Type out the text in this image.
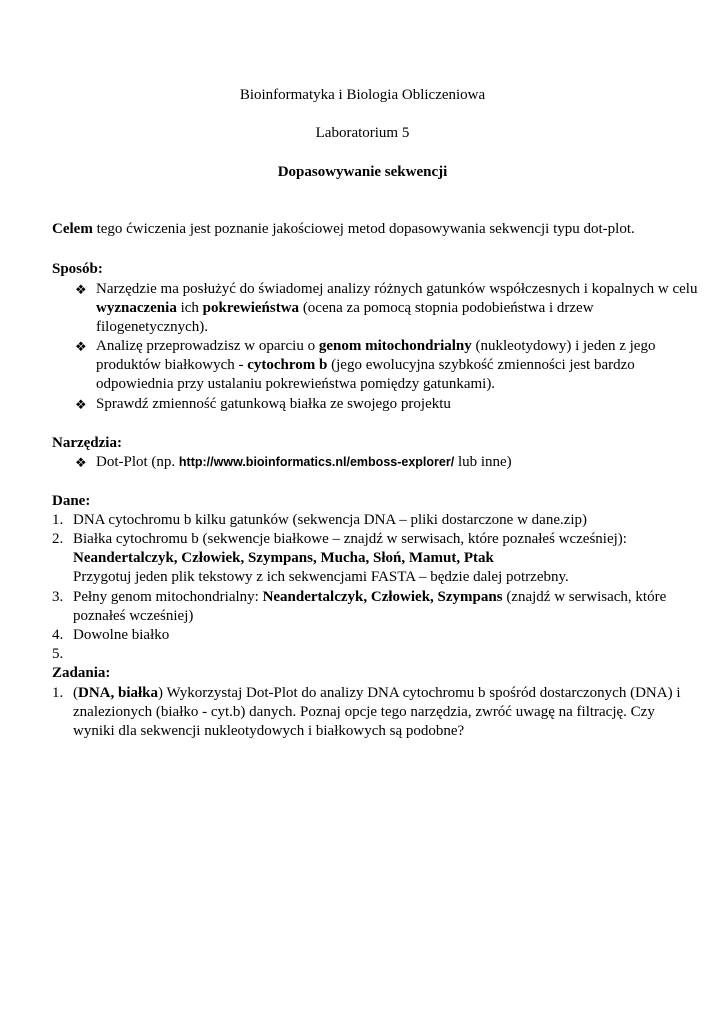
Bioinformatyka i Biologia Obliczeniowa
Laboratorium 5
Dopasowywanie sekwencji
Celem tego ćwiczenia jest poznanie jakościowej metod dopasowywania sekwencji typu dot-plot.
Sposób:
❖ Narzędzie ma posłużyć do świadomej analizy różnych gatunków współczesnych i kopalnych w celu
wyznaczenia ich pokrewieństwa (ocena za pomocą stopnia podobieństwa i drzew
filogenetycznych).
❖ Analizę przeprowadzisz w oparciu o genom mitochondrialny (nukleotydowy) i jeden z jego
produktów białkowych - cytochrom b (jego ewolucyjna szybkość zmienności jest bardzo
odpowiednia przy ustalaniu pokrewieństwa pomiędzy gatunkami).
❖ Sprawdź zmienność gatunkową białka ze swojego projektu
Narzędzia:
❖ Dot-Plot (np. http://www.bioinformatics.nl/emboss-explorer/ lub inne)
Dane:
1. DNA cytochromu b kilku gatunków (sekwencja DNA – pliki dostarczone w dane.zip)
2. Białka cytochromu b (sekwencje białkowe – znajdź w serwisach, które poznałeś wcześniej):
Neandertalczyk, Człowiek, Szympans, Mucha, Słoń, Mamut, Ptak
Przygotuj jeden plik tekstowy z ich sekwencjami FASTA – będzie dalej potrzebny.
3. Pełny genom mitochondrialny: Neandertalczyk, Człowiek, Szympans (znajdź w serwisach, które
poznałeś wcześniej)
4. Dowolne białko
5.
Zadania:
1. (DNA, białka) Wykorzystaj Dot-Plot do analizy DNA cytochromu b spośród dostarczonych (DNA) i
znalezionych (białko - cyt.b) danych. Poznaj opcje tego narzędzia, zwróć uwagę na filtrację. Czy
wyniki dla sekwencji nukleotydowych i białkowych są podobne?
